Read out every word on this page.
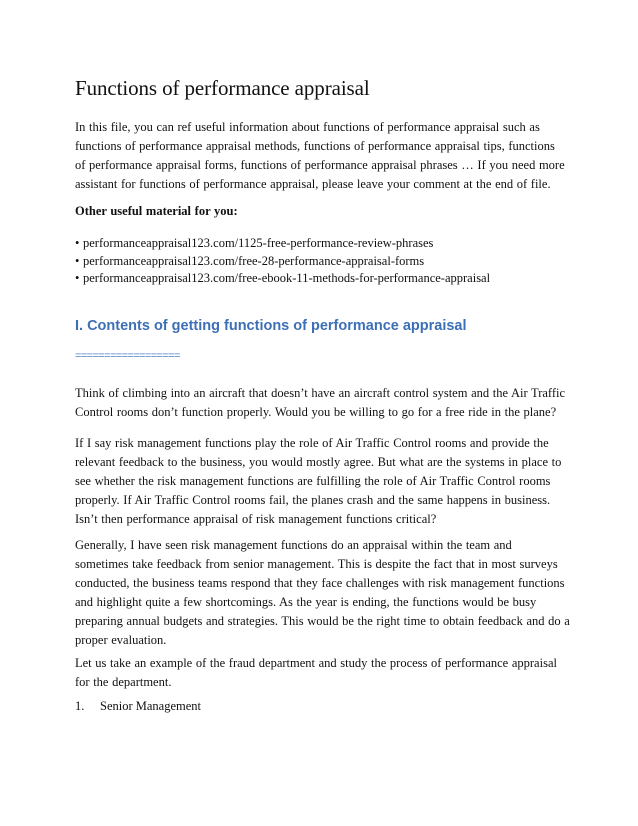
Functions of performance appraisal

In this file, you can ref useful information about functions of performance appraisal such as
functions of performance appraisal methods, functions of performance appraisal tips, functions
of performance appraisal forms, functions of performance appraisal phrases … If you need more
assistant for functions of performance appraisal, please leave your comment at the end of file.

Other useful material for you:

• performanceappraisal123.com/1125-free-performance-review-phrases
• performanceappraisal123.com/free-28-performance-appraisal-forms
• performanceappraisal123.com/free-ebook-11-methods-for-performance-appraisal
I. Contents of getting functions of performance appraisal
==================

Think of climbing into an aircraft that doesn’t have an aircraft control system and the Air Traffic
Control rooms don’t function properly. Would you be willing to go for a free ride in the plane?

If I say risk management functions play the role of Air Traffic Control rooms and provide the
relevant feedback to the business, you would mostly agree. But what are the systems in place to
see whether the risk management functions are fulfilling the role of Air Traffic Control rooms
properly. If Air Traffic Control rooms fail, the planes crash and the same happens in business.
Isn’t then performance appraisal of risk management functions critical?

Generally, I have seen risk management functions do an appraisal within the team and
sometimes take feedback from senior management. This is despite the fact that in most surveys
conducted, the business teams respond that they face challenges with risk management functions
and highlight quite a few shortcomings. As the year is ending, the functions would be busy
preparing annual budgets and strategies. This would be the right time to obtain feedback and do a
proper evaluation.

Let us take an example of the fraud department and study the process of performance appraisal
for the department.

1. Senior Management
